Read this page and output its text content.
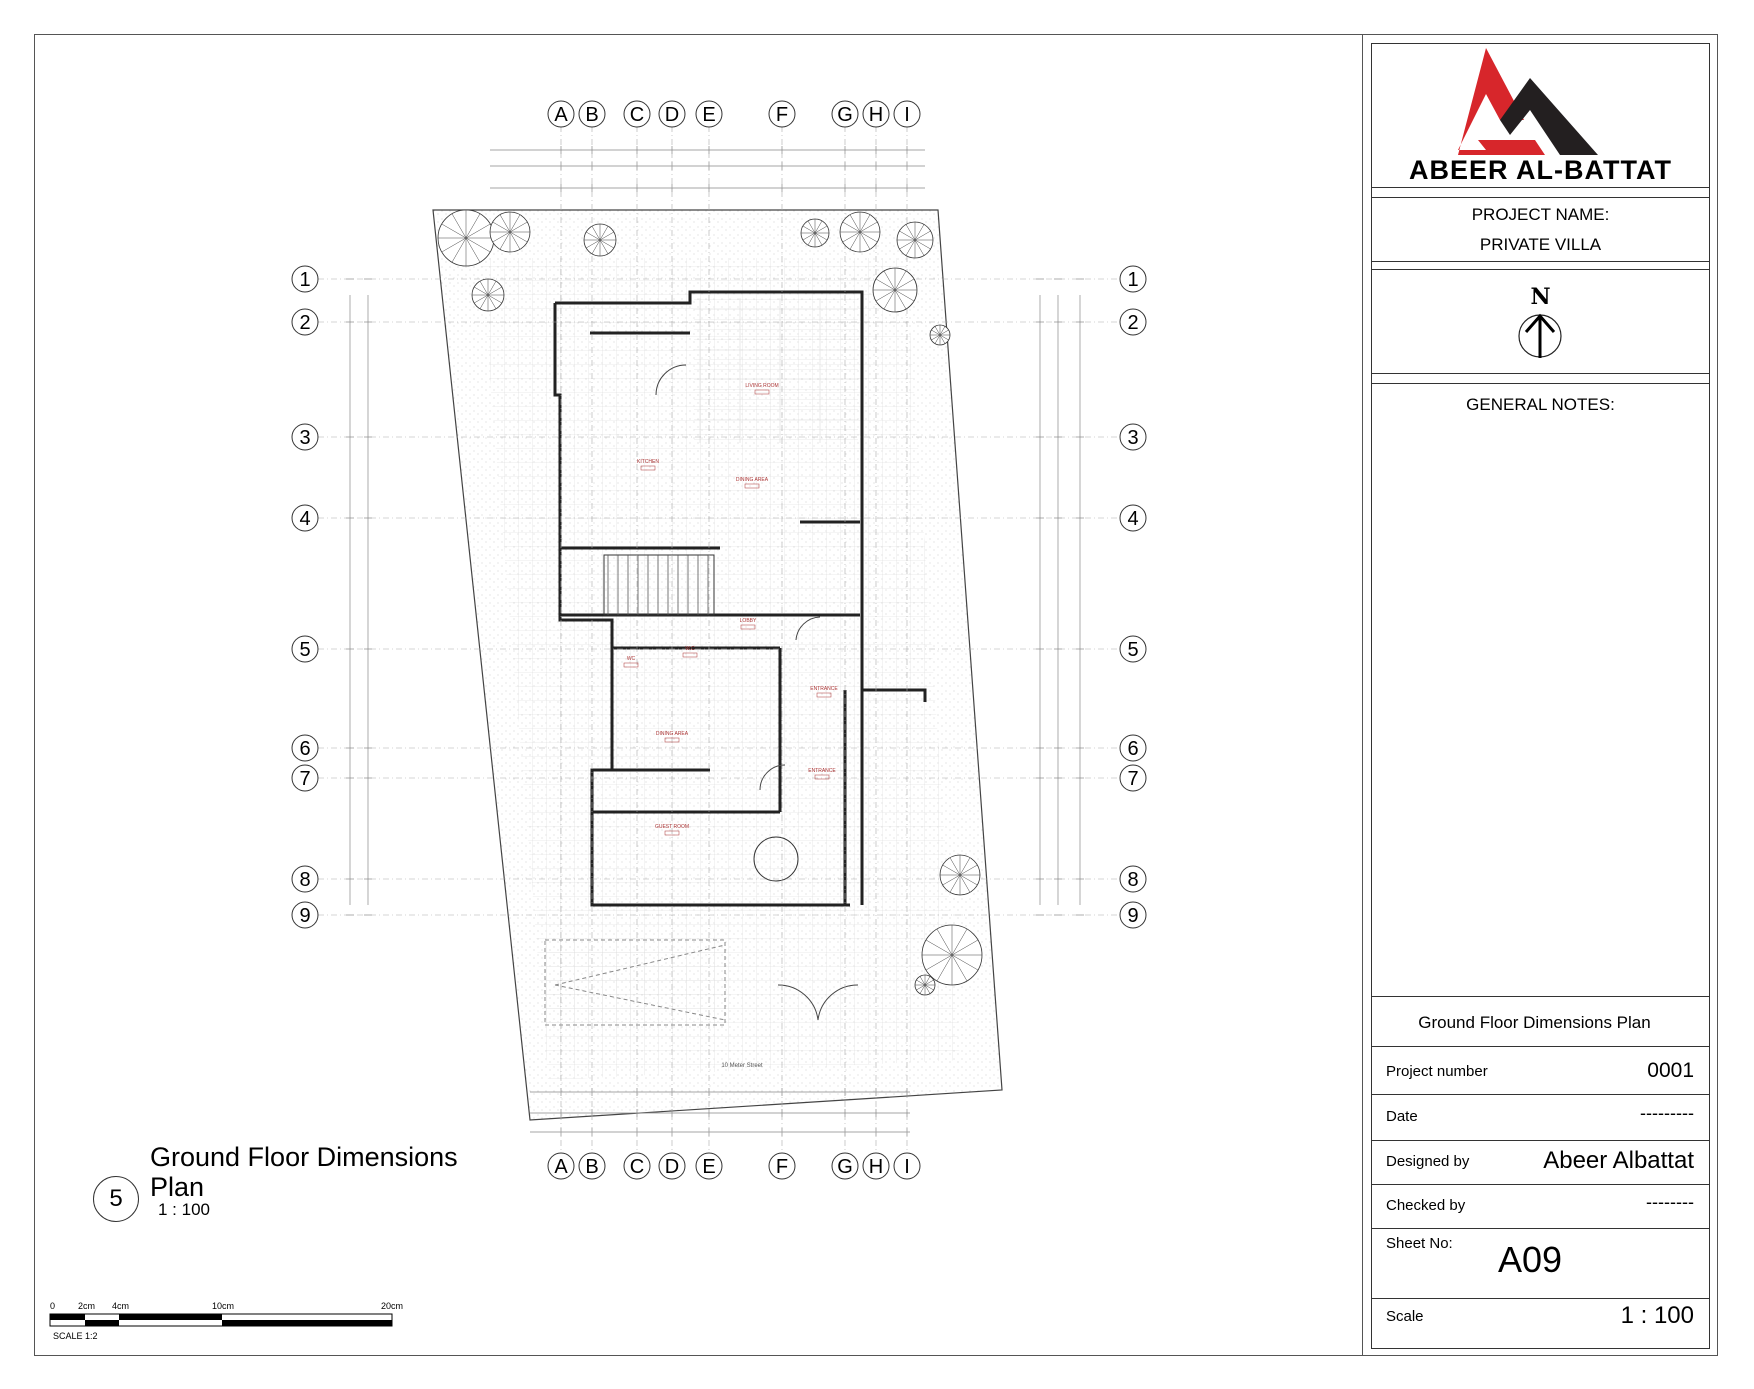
ABEER AL-BATTAT
PROJECT NAME:
PRIVATE VILLA
N
GENERAL NOTES:
Ground Floor Dimensions Plan
Project number	0001
Date	---------
Designed by	Abeer Albattat
Checked by	--------
Sheet No: A09
Scale	1 : 100
10 Meter Street
LIVING ROOM
KITCHEN
DINING AREA
LOBBY
ENTRANCE
DINING AREA
ENTRANCE
GUEST ROOM
WC
W.C
A
A
B
B
C
C
D
D
E
E
F
F
G
G
H
H
I
I
1	1
2	2
3	3
4	4
5	5
6	6
7	7
8	8
9	9
5
Ground Floor Dimensions Plan
1 : 100
0	2cm 4cm	10cm	20cm
SCALE 1:2
